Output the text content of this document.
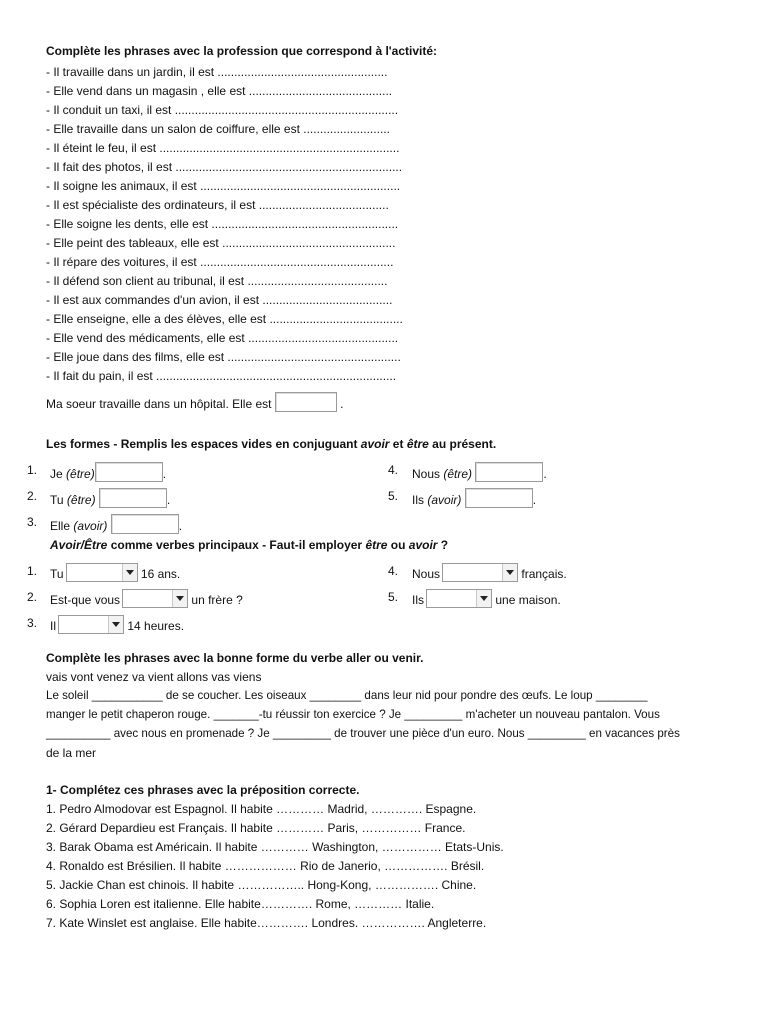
Complète les phrases avec la profession que correspond à l'activité:
- Il travaille dans un jardin, il est ...................................................
- Elle vend dans un magasin , elle est ...........................................
- Il conduit un taxi, il est ...................................................................
- Elle travaille dans un salon de coiffure, elle est ..........................
- Il éteint le feu, il est ........................................................................
- Il fait des photos, il est ....................................................................
- Il soigne les animaux, il est ............................................................
- Il est spécialiste des ordinateurs, il est .......................................
- Elle soigne les dents, elle est ........................................................
- Elle peint des tableaux, elle est ....................................................
- Il répare des voitures, il est ..........................................................
- Il défend son client au tribunal, il est ..........................................
- Il est aux commandes d'un avion, il est .......................................
- Elle enseigne, elle a des élèves, elle est ........................................
- Elle vend des médicaments, elle est .............................................
- Elle joue dans des films, elle est ....................................................
- Il fait du pain, il est ........................................................................
Ma soeur travaille dans un hôpital. Elle est	.
Les formes - Remplis les espaces vides en conjuguant avoir et être au présent.
1. Je (être)	.
2. Tu (être)	.
3. Elle (avoir)	.
4. Nous (être)	.
5. Ils (avoir)	.
Avoir/Être comme verbes principaux - Faut-il employer être ou avoir ?
1. Tu	16 ans.
2. Est-que vous	un frère ?
3. Il	14 heures.
4. Nous	français.
5. Ils	une maison.
Complète les phrases avec la bonne forme du verbe aller ou venir.
vais vont venez va vient allons vas viens
Le soleil ___________ de se coucher. Les oiseaux ________ dans leur nid pour pondre des œufs. Le loup ________
manger le petit chaperon rouge. _______-tu réussir ton exercice ? Je _________ m'acheter un nouveau pantalon. Vous
__________ avec nous en promenade ? Je _________ de trouver une pièce d'un euro. Nous _________ en vacances près
de la mer
1- Complétez ces phrases avec la préposition correcte.
1. Pedro Almodovar est Espagnol. Il habite ………… Madrid, …………. Espagne.
2. Gérard Depardieu est Français. Il habite ………… Paris, …………… France.
3. Barak Obama est Américain. Il habite ………… Washington, …………… Etats-Unis.
4. Ronaldo est Brésilien. Il habite ……………… Rio de Janerio, ……………. Brésil.
5. Jackie Chan est chinois. Il habite …………….. Hong-Kong, ……………. Chine.
6. Sophia Loren est italienne. Elle habite…………. Rome, ………… Italie.
7. Kate Winslet est anglaise. Elle habite…………. Londres. ……………. Angleterre.
